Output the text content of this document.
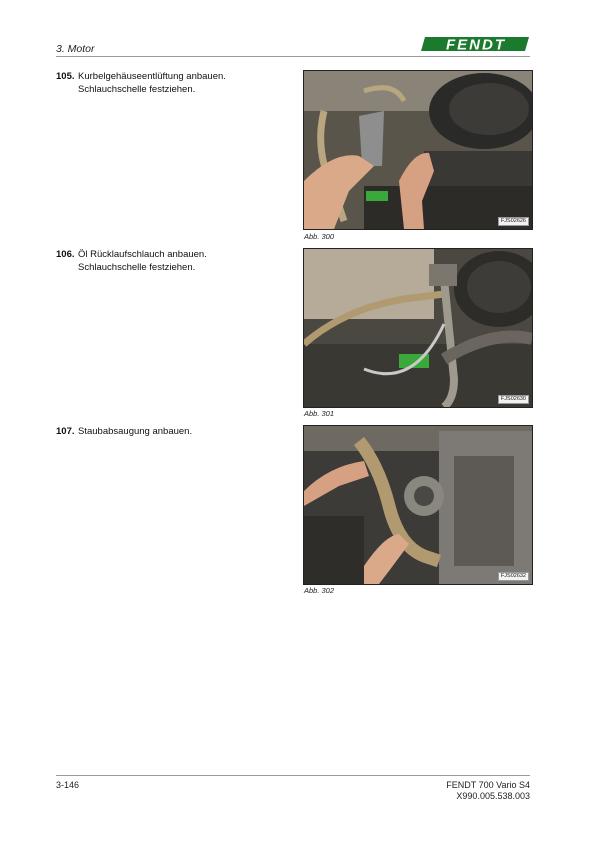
3. Motor	FENDT
105. Kurbelgehäuseentlüftung anbauen.
Schlauchschelle festziehen.
FJS02626
Abb. 300
106. Öl Rücklaufschlauch anbauen.
Schlauchschelle festziehen.
FJS02630
Abb. 301
107. Staubabsaugung anbauen.
FJS02632
Abb. 302
3-146	FENDT 700 Vario S4
X990.005.538.003
